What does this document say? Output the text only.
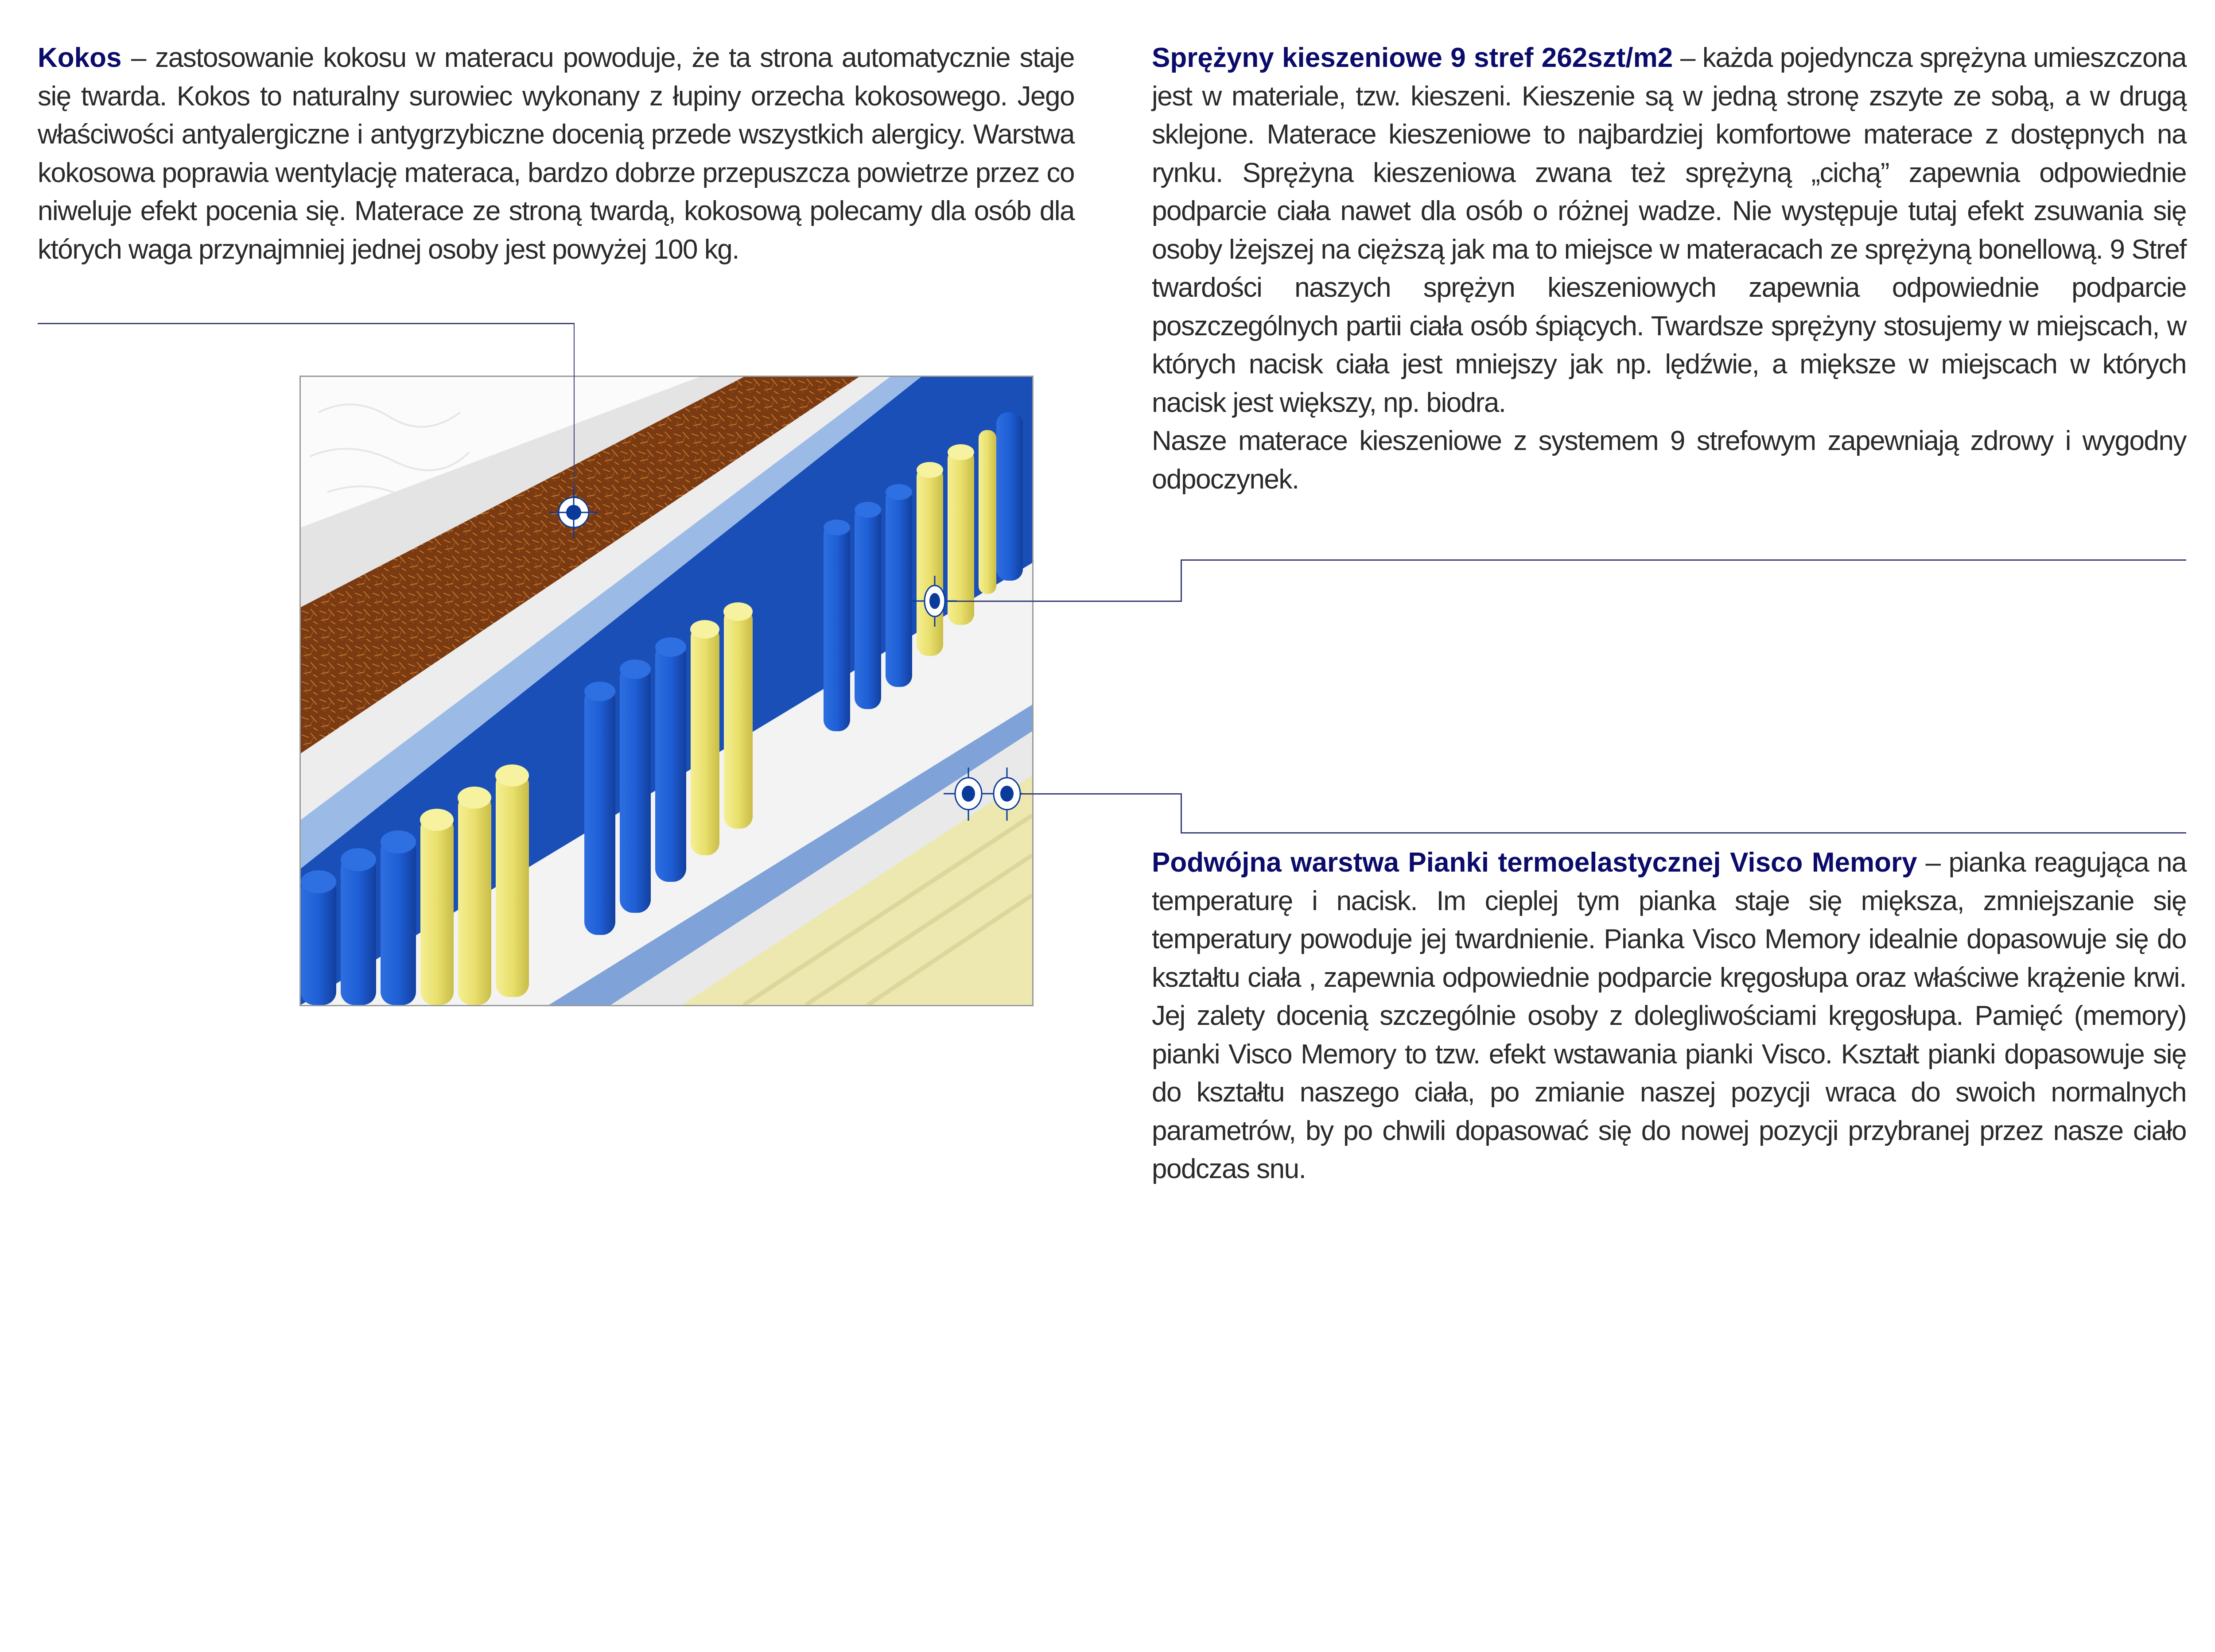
Kokos – zastosowanie kokosu w materacu powoduje, że ta strona automatycznie staje się twarda. Kokos to naturalny surowiec wykonany z łupiny orzecha kokosowego. Jego właściwości antyalergiczne i antygrzybiczne docenią przede wszystkich alergicy. Warstwa kokosowa poprawia wentylację materaca, bardzo dobrze przepuszcza powietrze przez co niweluje efekt pocenia się. Materace ze stroną twardą, kokosową polecamy dla osób dla których waga przynajmniej jednej osoby jest powyżej 100 kg.

Sprężyny kieszeniowe 9 stref 262szt/m2 – każda pojedyncza sprężyna umieszczona jest w materiale, tzw. kieszeni. Kieszenie są w jedną stronę zszyte ze sobą, a w drugą sklejone. Materace kieszeniowe to najbardziej komfortowe materace z dostępnych na rynku. Sprężyna kieszeniowa zwana też sprężyną „cichą” zapewnia odpowiednie podparcie ciała nawet dla osób o różnej wadze. Nie występuje tutaj efekt zsuwania się osoby lżejszej na cięższą jak ma to miejsce w materacach ze sprężyną bonellową. 9 Stref twardości naszych sprężyn kieszeniowych zapewnia odpowiednie podparcie poszczególnych partii ciała osób śpiących. Twardsze sprężyny stosujemy w miejscach, w których nacisk ciała jest mniejszy jak np. lędźwie, a miększe w miejscach w których nacisk jest większy, np. biodra.

Nasze materace kieszeniowe z systemem 9 strefowym zapewniają zdrowy i wygodny odpoczynek.

Podwójna warstwa Pianki termoelastycznej Visco Memory – pianka reagująca na temperaturę i nacisk. Im cieplej tym pianka staje się miększa, zmniejszanie się temperatury powoduje jej twardnienie. Pianka Visco Memory idealnie dopasowuje się do kształtu ciała , zapewnia odpowiednie podparcie kręgosłupa oraz właściwe krążenie krwi. Jej zalety docenią szczególnie osoby z dolegliwościami kręgosłupa. Pamięć (memory) pianki Visco Memory to tzw. efekt wstawania pianki Visco. Kształt pianki dopasowuje się do kształtu naszego ciała, po zmianie naszej pozycji wraca do swoich normalnych parametrów, by po chwili dopasować się do nowej pozycji przybranej przez nasze ciało podczas snu.
